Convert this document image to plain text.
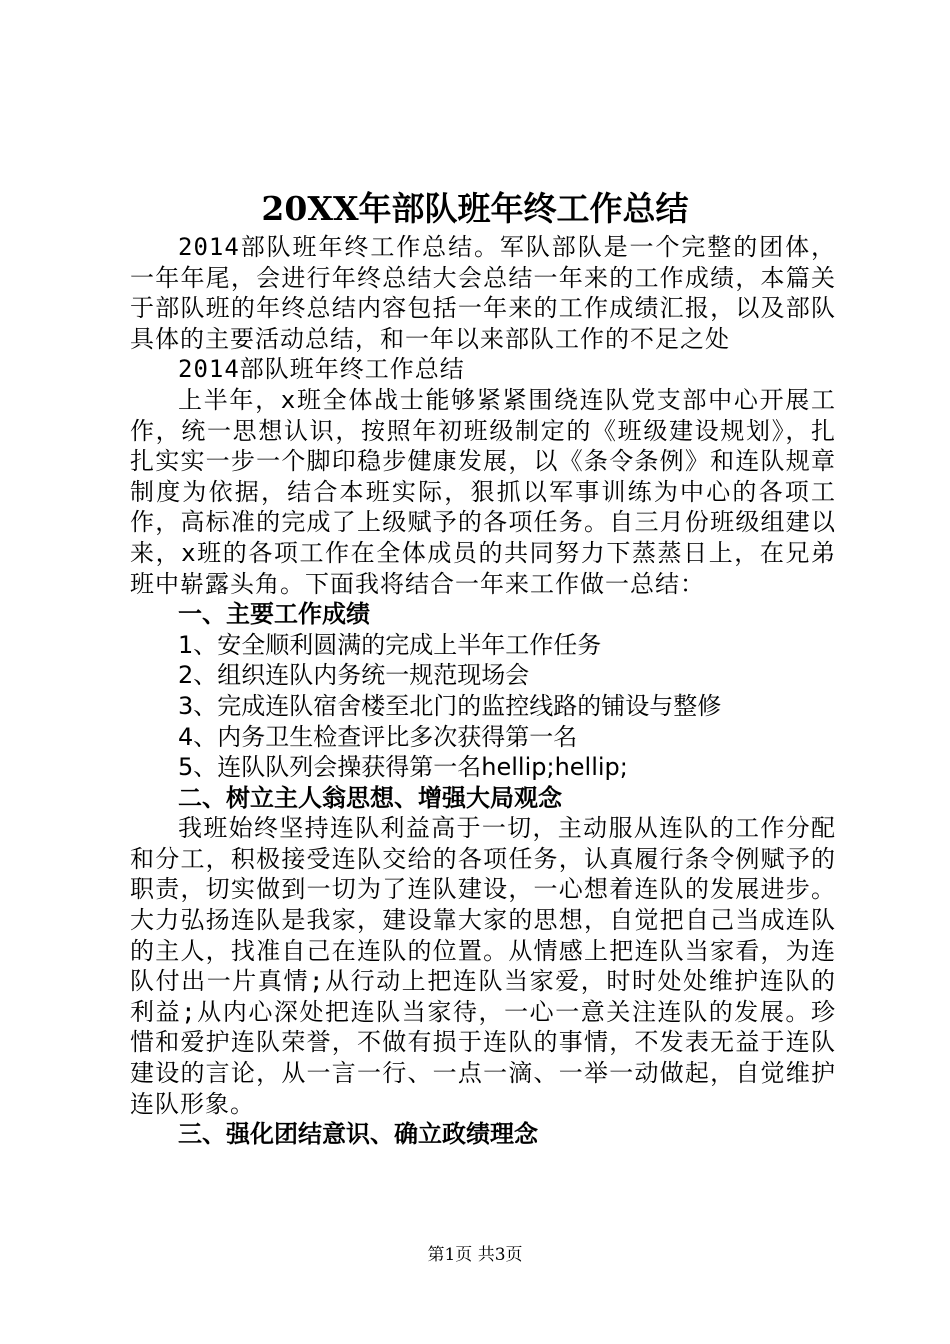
20XX年部队班年终工作总结

2014部队班年终工作总结。军队部队是一个完整的团体，一年年尾，会进行年终总结大会总结一年来的工作成绩，本篇关于部队班的年终总结内容包括一年来的工作成绩汇报，以及部队具体的主要活动总结，和一年以来部队工作的不足之处

2014部队班年终工作总结

上半年，x班全体战士能够紧紧围绕连队党支部中心开展工作，统一思想认识，按照年初班级制定的《班级建设规划》，扎扎实实一步一个脚印稳步健康发展，以《条令条例》和连队规章制度为依据，结合本班实际，狠抓以军事训练为中心的各项工作，高标准的完成了上级赋予的各项任务。自三月份班级组建以来，x班的各项工作在全体成员的共同努力下蒸蒸日上，在兄弟班中崭露头角。下面我将结合一年来工作做一总结：

一、主要工作成绩

1、安全顺利圆满的完成上半年工作任务

2、组织连队内务统一规范现场会

3、完成连队宿舍楼至北门的监控线路的铺设与整修

4、内务卫生检查评比多次获得第一名

5、连队队列会操获得第一名hellip;hellip;

二、树立主人翁思想、增强大局观念

我班始终坚持连队利益高于一切，主动服从连队的工作分配和分工，积极接受连队交给的各项任务，认真履行条令例赋予的职责，切实做到一切为了连队建设，一心想着连队的发展进步。大力弘扬连队是我家，建设靠大家的思想，自觉把自己当成连队的主人，找准自己在连队的位置。从情感上把连队当家看，为连队付出一片真情;从行动上把连队当家爱，时时处处维护连队的利益;从内心深处把连队当家待，一心一意关注连队的发展。珍惜和爱护连队荣誉，不做有损于连队的事情，不发表无益于连队建设的言论，从一言一行、一点一滴、一举一动做起，自觉维护连队形象。

三、强化团结意识、确立政绩理念

第1页 共3页
